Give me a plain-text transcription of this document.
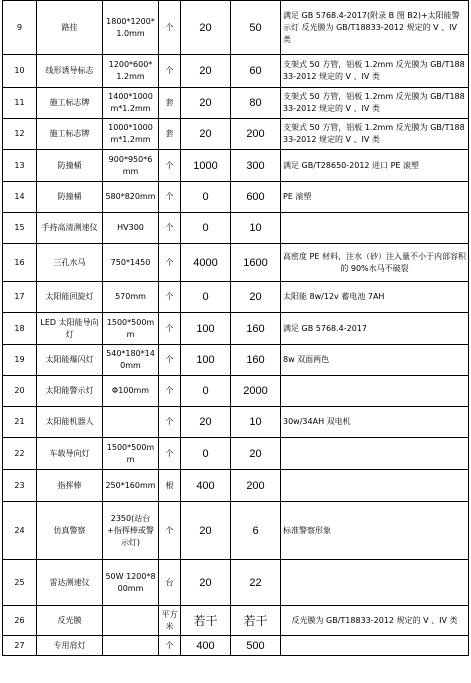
9	路挂	1800*1200*1.0mm	个	20	50	满足 GB 5768.4-2017(附录 B 图 B2)+太阳能警示灯 反光膜为 GB/T18833-2012 规定的 V 、IV 类
10	线形诱导标志	1200*600*1.2mm	个	20	60	支架式 50 方管，铝板 1.2mm 反光膜为 GB/T18833-2012 规定的 V 、IV 类
11	施工标志牌	1400*1000m*1.2mm	套	20	80	支架式 50 方管，铝板 1.2mm 反光膜为 GB/T18833-2012 规定的 V 、IV 类
12	施工标志牌	1000*1000m*1.2mm	套	20	200	支架式 50 方管，铝板 1.2mm 反光膜为 GB/T18833-2012 规定的 V 、IV 类
13	防撞桶	900*950*6mm	个	1000	300	满足 GB/T28650-2012 进口 PE 滚塑
14	防撞桶	580*820mm	个	0	600	PE 滚塑
15	手持高清测速仪	HV300	个	0	10	
16	三孔水马	750*1450	个	4000	1600	高密度 PE 材料，注水（砂）注入量不小于内部容积的 90%水马不破裂
17	太阳能回旋灯	570mm	个	0	20	太阳能 8w/12v 蓄电池 7AH
18	LED 太阳能导向灯	1500*500mm	个	100	160	满足 GB 5768.4-2017
19	太阳能爆闪灯	540*180*140mm	个	100	160	8w 双面两色
20	太阳能警示灯	Φ100mm	个	0	2000	
21	太阳能机器人		个	20	10	30w/34AH 双电机
22	车载导向灯	1500*500mm	个	0	20	
23	指挥棒	250*160mm	根	400	200	
24	仿真警察	2350(站台+指挥棒或警示灯)	个	20	6	标准警察形象
25	雷达测速仪	50W 1200*800mm	台	20	22	
26	反光膜		平方米	若干	若干	反光膜为 GB/T18833-2012 规定的 V 、IV 类
27	专用肩灯		个	400	500	
